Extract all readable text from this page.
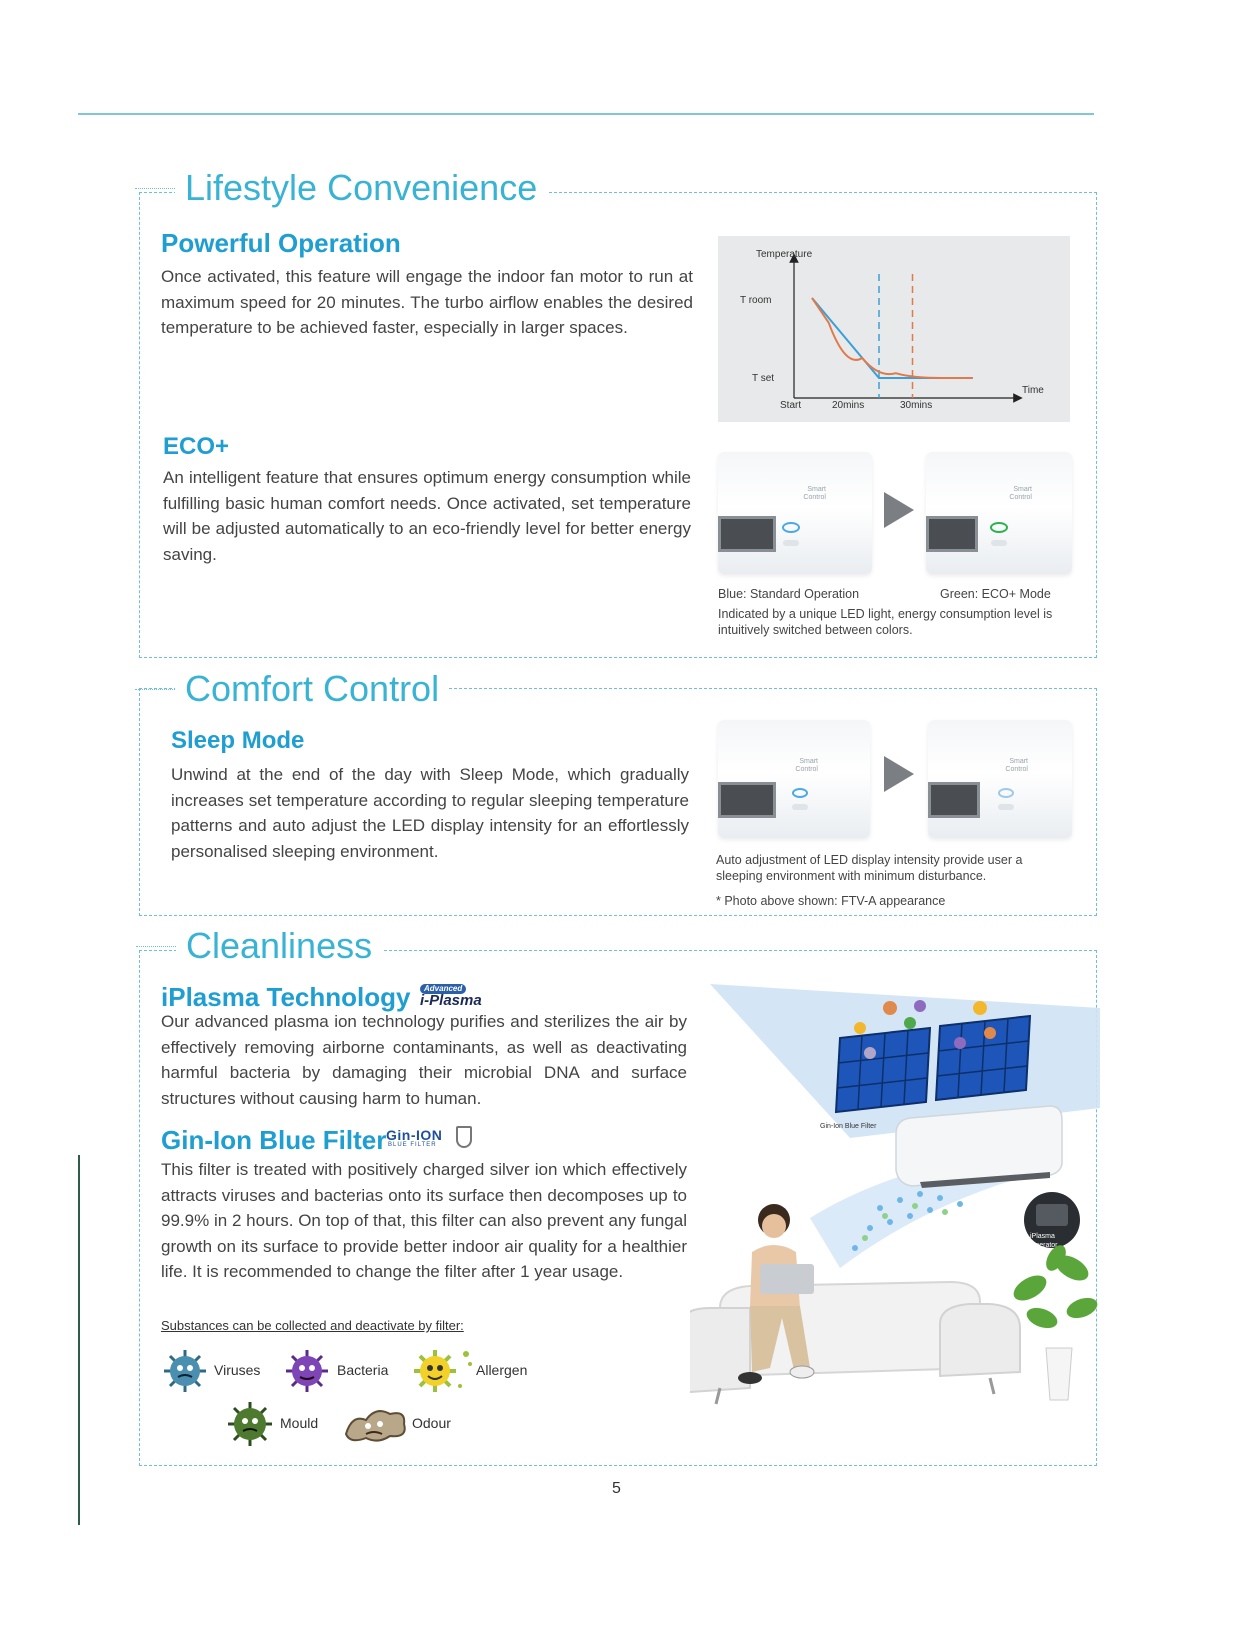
Lifestyle Convenience
Powerful Operation
Once activated, this feature will engage the indoor fan motor to run at maximum speed for 20 minutes. The turbo airflow enables the desired temperature to be achieved faster, especially in larger spaces.
Temperature
Time
T room
T set
Start	20mins	30mins
ECO+
An intelligent feature that ensures optimum energy consumption while fulfilling basic human comfort needs. Once activated, set temperature will be adjusted automatically to an eco-friendly level for better energy saving.
Smart
Control
Smart
Control
Blue: Standard Operation	Green: ECO+ Mode
Indicated by a unique LED light, energy consumption level is intuitively switched between colors.
Comfort Control
Sleep Mode
Unwind at the end of the day with Sleep Mode, which gradually increases set temperature according to regular sleeping temperature patterns and auto adjust the LED display intensity for an effortlessly personalised sleeping environment.
Smart
Control
Smart
Control
Auto adjustment of LED display intensity provide user a sleeping environment with minimum disturbance.
* Photo above shown: FTV-A appearance
Cleanliness
iPlasma Technology	Advanced
i-Plasma
Our advanced plasma ion technology purifies and sterilizes the air by effectively removing airborne contaminants, as well as deactivating harmful bacteria by damaging their microbial DNA and surface structures without causing harm to human.
Gin-Ion Blue Filter Gin-ION
BLUE FILTER
This filter is treated with positively charged silver ion which effectively attracts viruses and bacterias onto its surface then decomposes up to 99.9% in 2 hours. On top of that, this filter can also prevent any fungal growth on its surface to provide better indoor air quality for a healthier life. It is recommended to change the filter after 1 year usage.
Substances can be collected and deactivate by filter:
Viruses	Bacteria	Allergen
Mould	Odour
Gin-Ion Blue Filter
iPlasma
Generator
5
